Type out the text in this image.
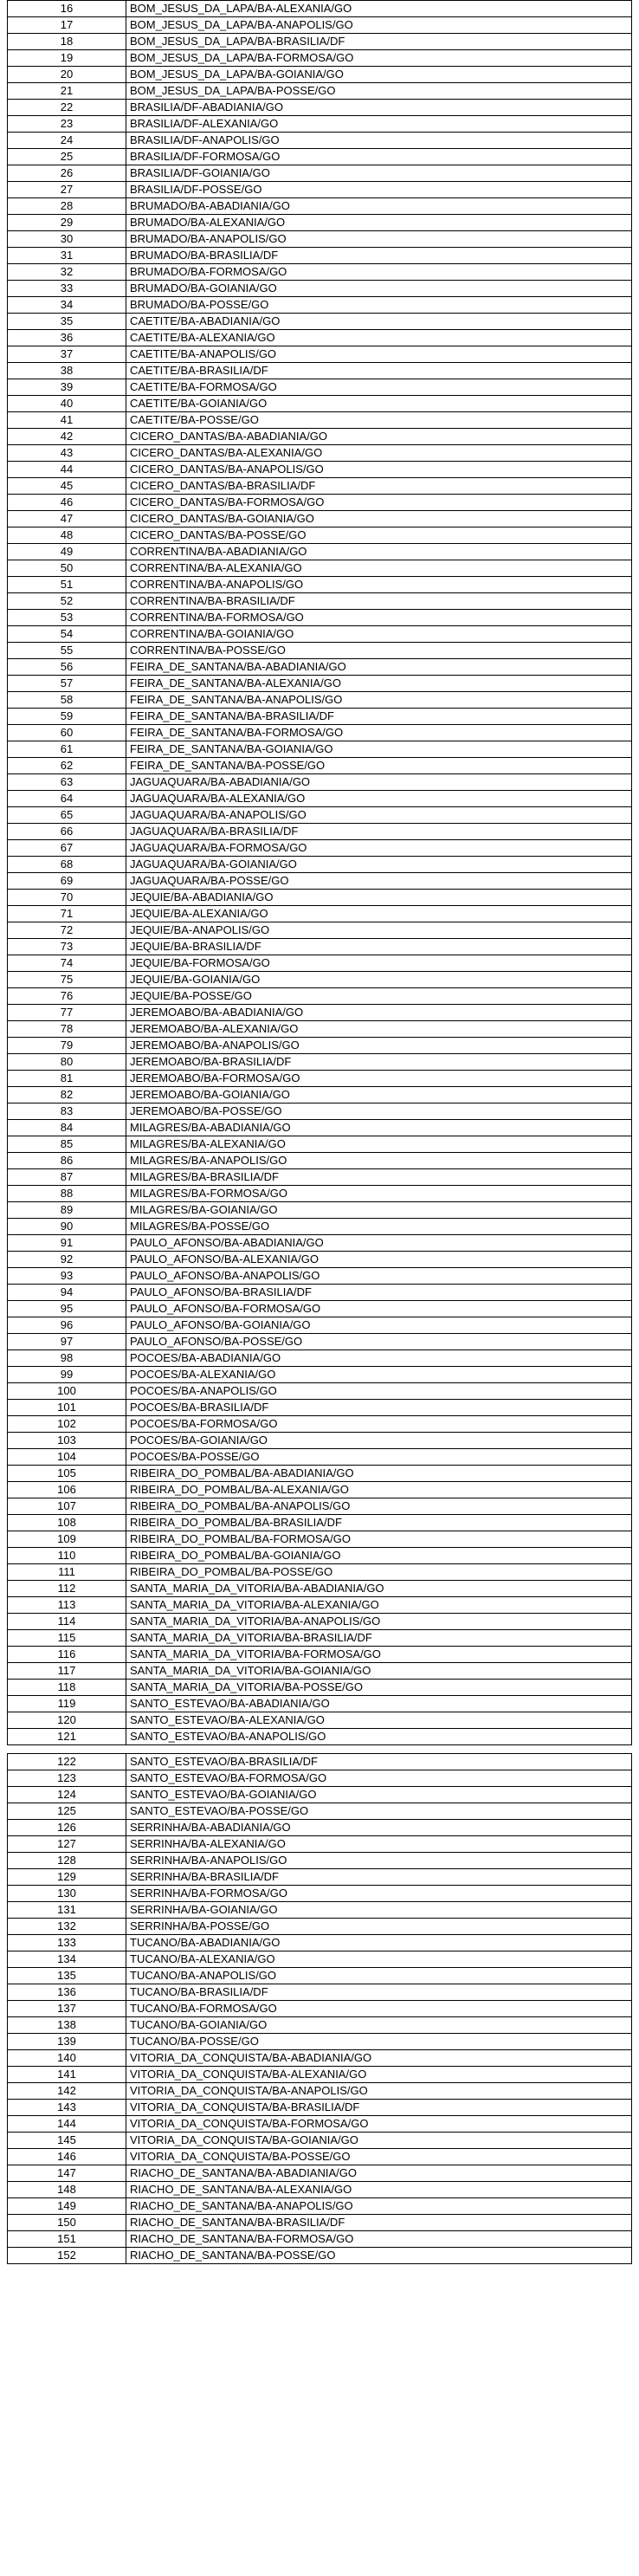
16	BOM_JESUS_DA_LAPA/BA-ALEXANIA/GO
17	BOM_JESUS_DA_LAPA/BA-ANAPOLIS/GO
18	BOM_JESUS_DA_LAPA/BA-BRASILIA/DF
19	BOM_JESUS_DA_LAPA/BA-FORMOSA/GO
20	BOM_JESUS_DA_LAPA/BA-GOIANIA/GO
21	BOM_JESUS_DA_LAPA/BA-POSSE/GO
22	BRASILIA/DF-ABADIANIA/GO
23	BRASILIA/DF-ALEXANIA/GO
24	BRASILIA/DF-ANAPOLIS/GO
25	BRASILIA/DF-FORMOSA/GO
26	BRASILIA/DF-GOIANIA/GO
27	BRASILIA/DF-POSSE/GO
28	BRUMADO/BA-ABADIANIA/GO
29	BRUMADO/BA-ALEXANIA/GO
30	BRUMADO/BA-ANAPOLIS/GO
31	BRUMADO/BA-BRASILIA/DF
32	BRUMADO/BA-FORMOSA/GO
33	BRUMADO/BA-GOIANIA/GO
34	BRUMADO/BA-POSSE/GO
35	CAETITE/BA-ABADIANIA/GO
36	CAETITE/BA-ALEXANIA/GO
37	CAETITE/BA-ANAPOLIS/GO
38	CAETITE/BA-BRASILIA/DF
39	CAETITE/BA-FORMOSA/GO
40	CAETITE/BA-GOIANIA/GO
41	CAETITE/BA-POSSE/GO
42	CICERO_DANTAS/BA-ABADIANIA/GO
43	CICERO_DANTAS/BA-ALEXANIA/GO
44	CICERO_DANTAS/BA-ANAPOLIS/GO
45	CICERO_DANTAS/BA-BRASILIA/DF
46	CICERO_DANTAS/BA-FORMOSA/GO
47	CICERO_DANTAS/BA-GOIANIA/GO
48	CICERO_DANTAS/BA-POSSE/GO
49	CORRENTINA/BA-ABADIANIA/GO
50	CORRENTINA/BA-ALEXANIA/GO
51	CORRENTINA/BA-ANAPOLIS/GO
52	CORRENTINA/BA-BRASILIA/DF
53	CORRENTINA/BA-FORMOSA/GO
54	CORRENTINA/BA-GOIANIA/GO
55	CORRENTINA/BA-POSSE/GO
56	FEIRA_DE_SANTANA/BA-ABADIANIA/GO
57	FEIRA_DE_SANTANA/BA-ALEXANIA/GO
58	FEIRA_DE_SANTANA/BA-ANAPOLIS/GO
59	FEIRA_DE_SANTANA/BA-BRASILIA/DF
60	FEIRA_DE_SANTANA/BA-FORMOSA/GO
61	FEIRA_DE_SANTANA/BA-GOIANIA/GO
62	FEIRA_DE_SANTANA/BA-POSSE/GO
63	JAGUAQUARA/BA-ABADIANIA/GO
64	JAGUAQUARA/BA-ALEXANIA/GO
65	JAGUAQUARA/BA-ANAPOLIS/GO
66	JAGUAQUARA/BA-BRASILIA/DF
67	JAGUAQUARA/BA-FORMOSA/GO
68	JAGUAQUARA/BA-GOIANIA/GO
69	JAGUAQUARA/BA-POSSE/GO
70	JEQUIE/BA-ABADIANIA/GO
71	JEQUIE/BA-ALEXANIA/GO
72	JEQUIE/BA-ANAPOLIS/GO
73	JEQUIE/BA-BRASILIA/DF
74	JEQUIE/BA-FORMOSA/GO
75	JEQUIE/BA-GOIANIA/GO
76	JEQUIE/BA-POSSE/GO
77	JEREMOABO/BA-ABADIANIA/GO
78	JEREMOABO/BA-ALEXANIA/GO
79	JEREMOABO/BA-ANAPOLIS/GO
80	JEREMOABO/BA-BRASILIA/DF
81	JEREMOABO/BA-FORMOSA/GO
82	JEREMOABO/BA-GOIANIA/GO
83	JEREMOABO/BA-POSSE/GO
84	MILAGRES/BA-ABADIANIA/GO
85	MILAGRES/BA-ALEXANIA/GO
86	MILAGRES/BA-ANAPOLIS/GO
87	MILAGRES/BA-BRASILIA/DF
88	MILAGRES/BA-FORMOSA/GO
89	MILAGRES/BA-GOIANIA/GO
90	MILAGRES/BA-POSSE/GO
91	PAULO_AFONSO/BA-ABADIANIA/GO
92	PAULO_AFONSO/BA-ALEXANIA/GO
93	PAULO_AFONSO/BA-ANAPOLIS/GO
94	PAULO_AFONSO/BA-BRASILIA/DF
95	PAULO_AFONSO/BA-FORMOSA/GO
96	PAULO_AFONSO/BA-GOIANIA/GO
97	PAULO_AFONSO/BA-POSSE/GO
98	POCOES/BA-ABADIANIA/GO
99	POCOES/BA-ALEXANIA/GO
100	POCOES/BA-ANAPOLIS/GO
101	POCOES/BA-BRASILIA/DF
102	POCOES/BA-FORMOSA/GO
103	POCOES/BA-GOIANIA/GO
104	POCOES/BA-POSSE/GO
105	RIBEIRA_DO_POMBAL/BA-ABADIANIA/GO
106	RIBEIRA_DO_POMBAL/BA-ALEXANIA/GO
107	RIBEIRA_DO_POMBAL/BA-ANAPOLIS/GO
108	RIBEIRA_DO_POMBAL/BA-BRASILIA/DF
109	RIBEIRA_DO_POMBAL/BA-FORMOSA/GO
110	RIBEIRA_DO_POMBAL/BA-GOIANIA/GO
111	RIBEIRA_DO_POMBAL/BA-POSSE/GO
112	SANTA_MARIA_DA_VITORIA/BA-ABADIANIA/GO
113	SANTA_MARIA_DA_VITORIA/BA-ALEXANIA/GO
114	SANTA_MARIA_DA_VITORIA/BA-ANAPOLIS/GO
115	SANTA_MARIA_DA_VITORIA/BA-BRASILIA/DF
116	SANTA_MARIA_DA_VITORIA/BA-FORMOSA/GO
117	SANTA_MARIA_DA_VITORIA/BA-GOIANIA/GO
118	SANTA_MARIA_DA_VITORIA/BA-POSSE/GO
119	SANTO_ESTEVAO/BA-ABADIANIA/GO
120	SANTO_ESTEVAO/BA-ALEXANIA/GO
121	SANTO_ESTEVAO/BA-ANAPOLIS/GO
122	SANTO_ESTEVAO/BA-BRASILIA/DF
123	SANTO_ESTEVAO/BA-FORMOSA/GO
124	SANTO_ESTEVAO/BA-GOIANIA/GO
125	SANTO_ESTEVAO/BA-POSSE/GO
126	SERRINHA/BA-ABADIANIA/GO
127	SERRINHA/BA-ALEXANIA/GO
128	SERRINHA/BA-ANAPOLIS/GO
129	SERRINHA/BA-BRASILIA/DF
130	SERRINHA/BA-FORMOSA/GO
131	SERRINHA/BA-GOIANIA/GO
132	SERRINHA/BA-POSSE/GO
133	TUCANO/BA-ABADIANIA/GO
134	TUCANO/BA-ALEXANIA/GO
135	TUCANO/BA-ANAPOLIS/GO
136	TUCANO/BA-BRASILIA/DF
137	TUCANO/BA-FORMOSA/GO
138	TUCANO/BA-GOIANIA/GO
139	TUCANO/BA-POSSE/GO
140	VITORIA_DA_CONQUISTA/BA-ABADIANIA/GO
141	VITORIA_DA_CONQUISTA/BA-ALEXANIA/GO
142	VITORIA_DA_CONQUISTA/BA-ANAPOLIS/GO
143	VITORIA_DA_CONQUISTA/BA-BRASILIA/DF
144	VITORIA_DA_CONQUISTA/BA-FORMOSA/GO
145	VITORIA_DA_CONQUISTA/BA-GOIANIA/GO
146	VITORIA_DA_CONQUISTA/BA-POSSE/GO
147	RIACHO_DE_SANTANA/BA-ABADIANIA/GO
148	RIACHO_DE_SANTANA/BA-ALEXANIA/GO
149	RIACHO_DE_SANTANA/BA-ANAPOLIS/GO
150	RIACHO_DE_SANTANA/BA-BRASILIA/DF
151	RIACHO_DE_SANTANA/BA-FORMOSA/GO
152	RIACHO_DE_SANTANA/BA-POSSE/GO
